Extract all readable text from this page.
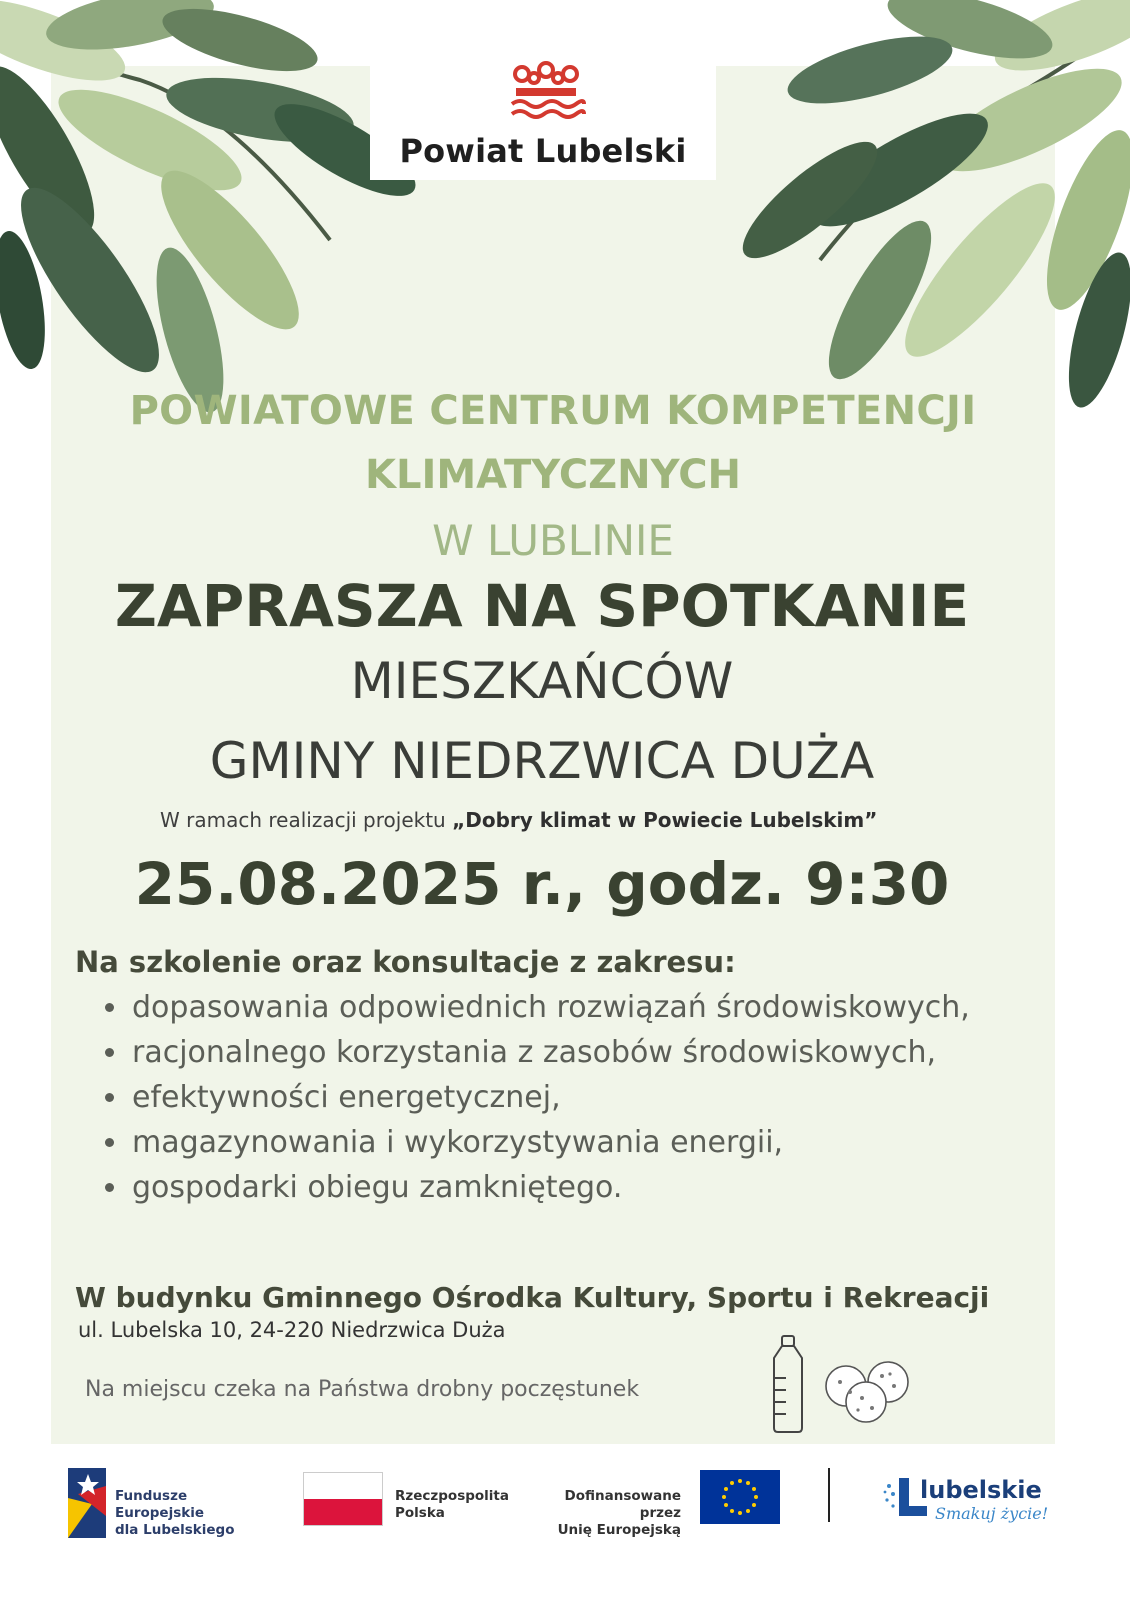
Powiat Lubelski
POWIATOWE CENTRUM KOMPETENCJI
KLIMATYCZNYCH
W LUBLINIE
ZAPRASZA NA SPOTKANIE
MIESZKAŃCÓW
GMINY NIEDRZWICA DUŻA
W ramach realizacji projektu „Dobry klimat w Powiecie Lubelskim”
25.08.2025 r., godz. 9:30
Na szkolenie oraz konsultacje z zakresu:
• dopasowania odpowiednich rozwiązań środowiskowych,
• racjonalnego korzystania z zasobów środowiskowych,
• efektywności energetycznej,
• magazynowania i wykorzystywania energii,
• gospodarki obiegu zamkniętego.
W budynku Gminnego Ośrodka Kultury, Sportu i Rekreacji
ul. Lubelska 10, 24-220 Niedrzwica Duża
Na miejscu czeka na Państwa drobny poczęstunek
Fundusze Europejskie
dla Lubelskiego
Rzeczpospolita
Polska
Dofinansowane przez
Unię Europejską
lubelskie
Smakuj życie!
